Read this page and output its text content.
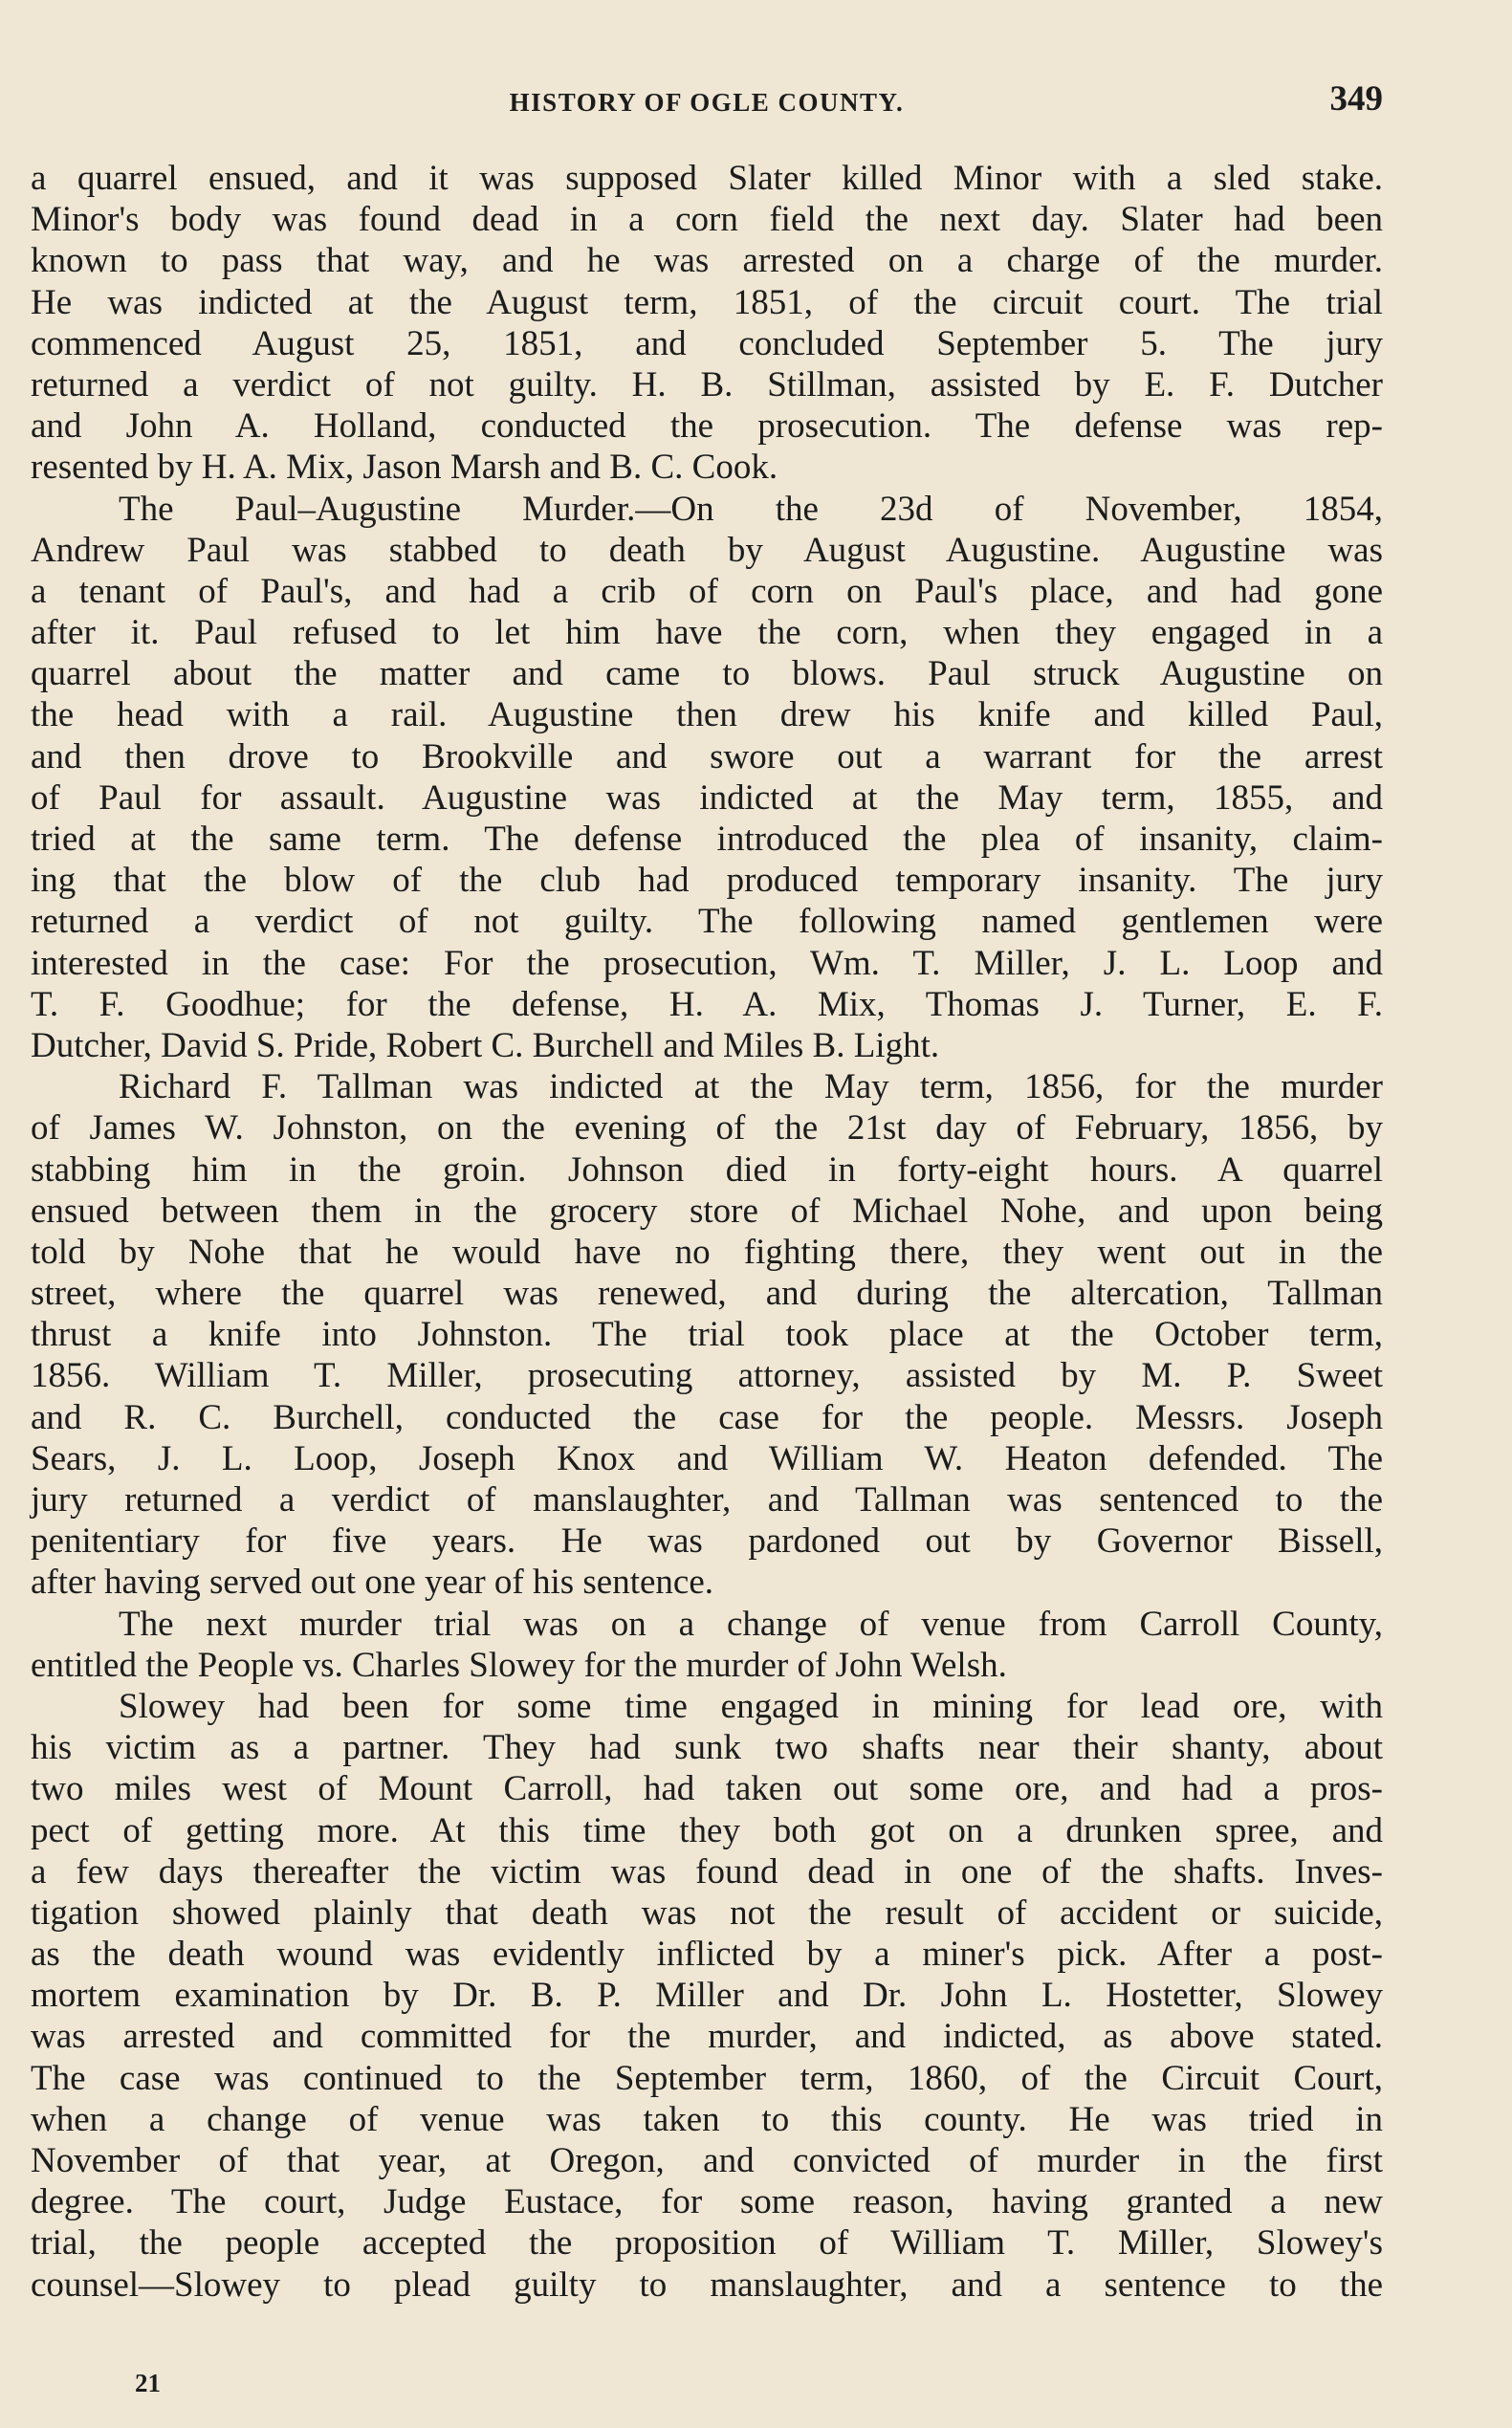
HISTORY OF OGLE COUNTY.	349
a quarrel ensued, and it was supposed Slater killed Minor with a sled stake.
Minor's body was found dead in a corn field the next day. Slater had been
known to pass that way, and he was arrested on a charge of the murder.
He was indicted at the August term, 1851, of the circuit court. The trial
commenced August 25, 1851, and concluded September 5. The jury
returned a verdict of not guilty. H. B. Stillman, assisted by E. F. Dutcher
and John A. Holland, conducted the prosecution. The defense was rep-
resented by H. A. Mix, Jason Marsh and B. C. Cook.
The Paul–Augustine Murder.—On the 23d of November, 1854,
Andrew Paul was stabbed to death by August Augustine. Augustine was
a tenant of Paul's, and had a crib of corn on Paul's place, and had gone
after it. Paul refused to let him have the corn, when they engaged in a
quarrel about the matter and came to blows. Paul struck Augustine on
the head with a rail. Augustine then drew his knife and killed Paul,
and then drove to Brookville and swore out a warrant for the arrest
of Paul for assault. Augustine was indicted at the May term, 1855, and
tried at the same term. The defense introduced the plea of insanity, claim-
ing that the blow of the club had produced temporary insanity. The jury
returned a verdict of not guilty. The following named gentlemen were
interested in the case: For the prosecution, Wm. T. Miller, J. L. Loop and
T. F. Goodhue; for the defense, H. A. Mix, Thomas J. Turner, E. F.
Dutcher, David S. Pride, Robert C. Burchell and Miles B. Light.
Richard F. Tallman was indicted at the May term, 1856, for the murder
of James W. Johnston, on the evening of the 21st day of February, 1856, by
stabbing him in the groin. Johnson died in forty-eight hours. A quarrel
ensued between them in the grocery store of Michael Nohe, and upon being
told by Nohe that he would have no fighting there, they went out in the
street, where the quarrel was renewed, and during the altercation, Tallman
thrust a knife into Johnston. The trial took place at the October term,
1856. William T. Miller, prosecuting attorney, assisted by M. P. Sweet
and R. C. Burchell, conducted the case for the people. Messrs. Joseph
Sears, J. L. Loop, Joseph Knox and William W. Heaton defended. The
jury returned a verdict of manslaughter, and Tallman was sentenced to the
penitentiary for five years. He was pardoned out by Governor Bissell,
after having served out one year of his sentence.
The next murder trial was on a change of venue from Carroll County,
entitled the People vs. Charles Slowey for the murder of John Welsh.
Slowey had been for some time engaged in mining for lead ore, with
his victim as a partner. They had sunk two shafts near their shanty, about
two miles west of Mount Carroll, had taken out some ore, and had a pros-
pect of getting more. At this time they both got on a drunken spree, and
a few days thereafter the victim was found dead in one of the shafts. Inves-
tigation showed plainly that death was not the result of accident or suicide,
as the death wound was evidently inflicted by a miner's pick. After a post-
mortem examination by Dr. B. P. Miller and Dr. John L. Hostetter, Slowey
was arrested and committed for the murder, and indicted, as above stated.
The case was continued to the September term, 1860, of the Circuit Court,
when a change of venue was taken to this county. He was tried in
November of that year, at Oregon, and convicted of murder in the first
degree. The court, Judge Eustace, for some reason, having granted a new
trial, the people accepted the proposition of William T. Miller, Slowey's
counsel—Slowey to plead guilty to manslaughter, and a sentence to the
21
